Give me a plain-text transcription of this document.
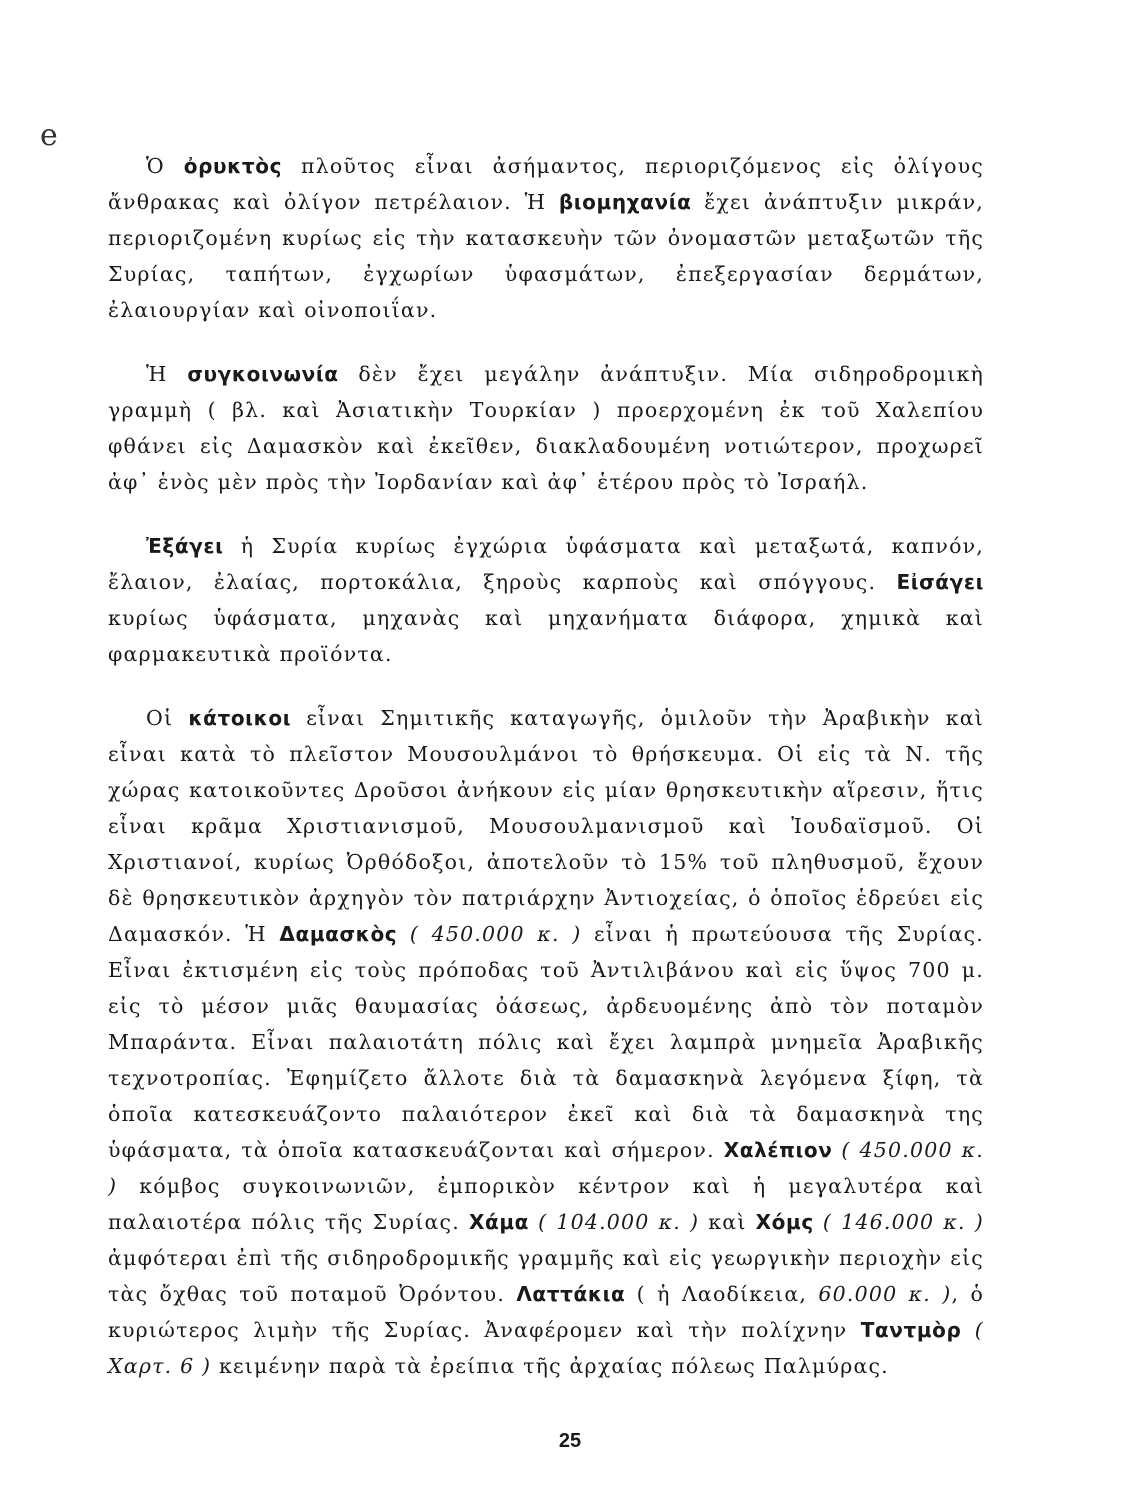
e

Ὁ ὀρυκτὸς πλοῦτος εἶναι ἀσήμαντος, περιοριζόμενος εἰς ὀλίγους ἄνθρακας καὶ ὀλίγον πετρέλαιον. Ἡ βιομηχανία ἔχει ἀνάπτυξιν μικράν, περιοριζομένη κυρίως εἰς τὴν κατασκευὴν τῶν ὀνομαστῶν μεταξωτῶν τῆς Συρίας, ταπήτων, ἐγχωρίων ὑφασμάτων, ἐπεξεργασίαν δερμάτων, ἐλαιουργίαν καὶ οἰνοποιΐαν.

Ἡ συγκοινωνία δὲν ἔχει μεγάλην ἀνάπτυξιν. Μία σιδηροδρομικὴ γραμμὴ ( βλ. καὶ Ἀσιατικὴν Τουρκίαν ) προερχομένη ἐκ τοῦ Χαλεπίου φθάνει εἰς Δαμασκὸν καὶ ἐκεῖθεν, διακλαδουμένη νοτιώτερον, προχωρεῖ ἀφ᾽ ἑνὸς μὲν πρὸς τὴν Ἰορδανίαν καὶ ἀφ᾽ ἑτέρου πρὸς τὸ Ἰσραήλ.

Ἐξάγει ἡ Συρία κυρίως ἐγχώρια ὑφάσματα καὶ μεταξωτά, καπνόν, ἔλαιον, ἐλαίας, πορτοκάλια, ξηροὺς καρποὺς καὶ σπόγγους. Εἰσάγει κυρίως ὑφάσματα, μηχανὰς καὶ μηχανήματα διάφορα, χημικὰ καὶ φαρμακευτικὰ προϊόντα.

Οἱ κάτοικοι εἶναι Σημιτικῆς καταγωγῆς, ὁμιλοῦν τὴν Ἀραβικὴν καὶ εἶναι κατὰ τὸ πλεῖστον Μουσουλμάνοι τὸ θρήσκευμα. Οἱ εἰς τὰ Ν. τῆς χώρας κατοικοῦντες Δροῦσοι ἀνήκουν εἰς μίαν θρησκευτικὴν αἵρεσιν, ἥτις εἶναι κρᾶμα Χριστιανισμοῦ, Μουσουλμανισμοῦ καὶ Ἰουδαϊσμοῦ. Οἱ Χριστιανοί, κυρίως Ὀρθόδοξοι, ἀποτελοῦν τὸ 15% τοῦ πληθυσμοῦ, ἔχουν δὲ θρησκευτικὸν ἀρχηγὸν τὸν πατριάρχην Ἀντιοχείας, ὁ ὁποῖος ἑδρεύει εἰς Δαμασκόν. Ἡ Δαμασκὸς ( 450.000 κ. ) εἶναι ἡ πρωτεύουσα τῆς Συρίας. Εἶναι ἐκτισμένη εἰς τοὺς πρόποδας τοῦ Ἀντιλιβάνου καὶ εἰς ὕψος 700 μ. εἰς τὸ μέσον μιᾶς θαυμασίας ὀάσεως, ἀρδευομένης ἀπὸ τὸν ποταμὸν Μπαράντα. Εἶναι παλαιοτάτη πόλις καὶ ἔχει λαμπρὰ μνημεῖα Ἀραβικῆς τεχνοτροπίας. Ἐφημίζετο ἄλλοτε διὰ τὰ δαμασκηνὰ λεγόμενα ξίφη, τὰ ὁποῖα κατεσκευάζοντο παλαιότερον ἐκεῖ καὶ διὰ τὰ δαμασκηνὰ της ὑφάσματα, τὰ ὁποῖα κατασκευάζονται καὶ σήμερον. Χαλέπιον ( 450.000 κ. ) κόμβος συγκοινωνιῶν, ἐμπορικὸν κέντρον καὶ ἡ μεγαλυτέρα καὶ παλαιοτέρα πόλις τῆς Συρίας. Χάμα ( 104.000 κ. ) καὶ Χόμς ( 146.000 κ. ) ἀμφότεραι ἐπὶ τῆς σιδηροδρομικῆς γραμμῆς καὶ εἰς γεωργικὴν περιοχὴν εἰς τὰς ὄχθας τοῦ ποταμοῦ Ὀρόντου. Λαττάκια ( ἡ Λαοδίκεια, 60.000 κ. ), ὁ κυριώτερος λιμὴν τῆς Συρίας. Ἀναφέρομεν καὶ τὴν πολίχνην Ταντμὸρ ( Χαρτ. 6 ) κειμένην παρὰ τὰ ἐρείπια τῆς ἀρχαίας πόλεως Παλμύρας.

25
